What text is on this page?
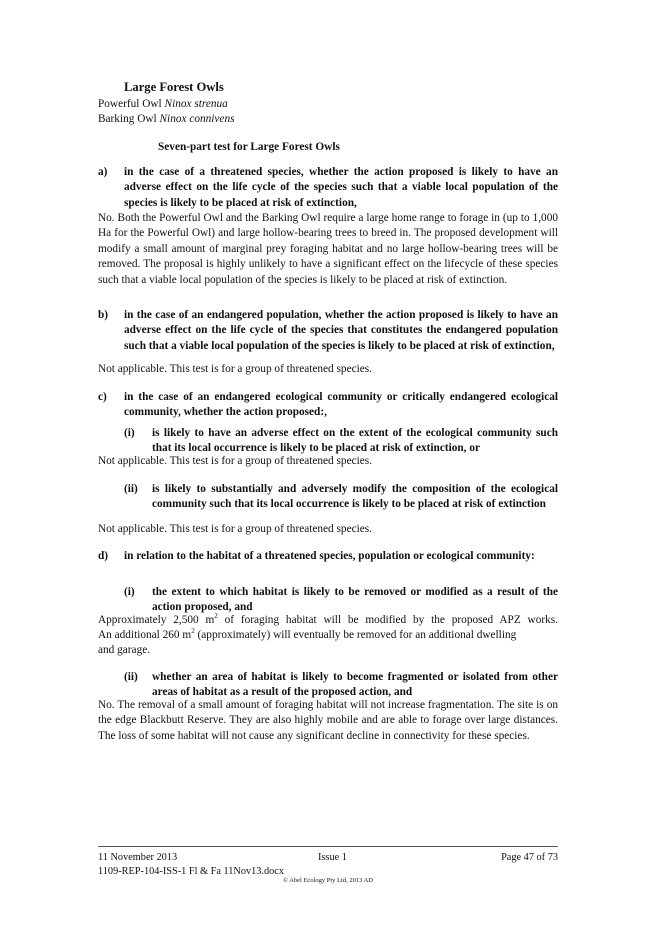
Large Forest Owls
Powerful Owl Ninox strenua
Barking Owl Ninox connivens
Seven-part test for Large Forest Owls
a) in the case of a threatened species, whether the action proposed is likely to have an adverse effect on the life cycle of the species such that a viable local population of the species is likely to be placed at risk of extinction,
No. Both the Powerful Owl and the Barking Owl require a large home range to forage in (up to 1,000 Ha for the Powerful Owl) and large hollow-bearing trees to breed in. The proposed development will modify a small amount of marginal prey foraging habitat and no large hollow-bearing trees will be removed. The proposal is highly unlikely to have a significant effect on the lifecycle of these species such that a viable local population of the species is likely to be placed at risk of extinction.
b) in the case of an endangered population, whether the action proposed is likely to have an adverse effect on the life cycle of the species that constitutes the endangered population such that a viable local population of the species is likely to be placed at risk of extinction,
Not applicable. This test is for a group of threatened species.
c) in the case of an endangered ecological community or critically endangered ecological community, whether the action proposed:,
(i) is likely to have an adverse effect on the extent of the ecological community such that its local occurrence is likely to be placed at risk of extinction, or
Not applicable. This test is for a group of threatened species.
(ii) is likely to substantially and adversely modify the composition of the ecological community such that its local occurrence is likely to be placed at risk of extinction
Not applicable. This test is for a group of threatened species.
d) in relation to the habitat of a threatened species, population or ecological community:
(i) the extent to which habitat is likely to be removed or modified as a result of the action proposed, and
Approximately 2,500 $m^2$ of foraging habitat will be modified by the proposed APZ works.
An additional 260 $m^2$ (approximately) will eventually be removed for an additional dwelling
and garage.
(ii) whether an area of habitat is likely to become fragmented or isolated from other areas of habitat as a result of the proposed action, and
No. The removal of a small amount of foraging habitat will not increase fragmentation. The site is on the edge Blackbutt Reserve. They are also highly mobile and are able to forage over large distances. The loss of some habitat will not cause any significant decline in connectivity for these species.
11 November 2013	Issue 1	Page 47 of 73
1109-REP-104-ISS-1 Fl & Fa 11Nov13.docx
© Abel Ecology Pty Ltd, 2013 AD
